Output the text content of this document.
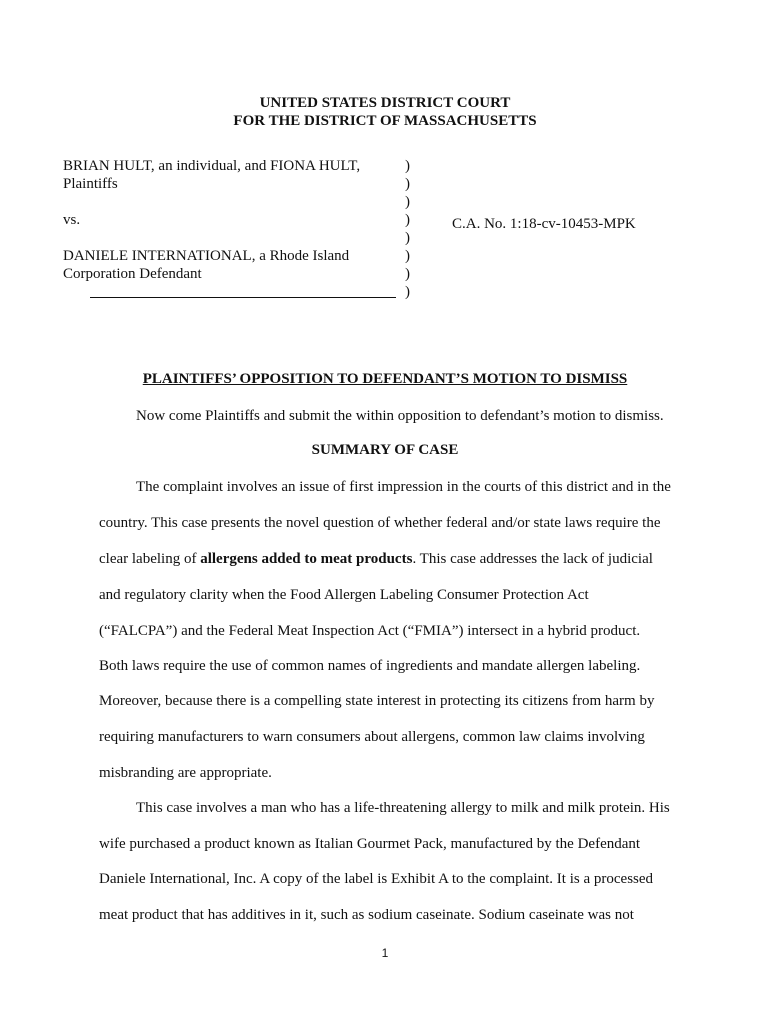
UNITED STATES DISTRICT COURT
FOR THE DISTRICT OF MASSACHUSETTS
BRIAN HULT, an individual, and FIONA HULT,
Plaintiffs
vs.
DANIELE INTERNATIONAL, a Rhode Island
Corporation Defendant
)
)
)
)
)
)
)
)
C.A. No. 1:18-cv-10453-MPK
PLAINTIFFS’ OPPOSITION TO DEFENDANT’S MOTION TO DISMISS
Now come Plaintiffs and submit the within opposition to defendant’s motion to dismiss.
SUMMARY OF CASE
The complaint involves an issue of first impression in the courts of this district and in the
country. This case presents the novel question of whether federal and/or state laws require the
clear labeling of allergens added to meat products. This case addresses the lack of judicial
and regulatory clarity when the Food Allergen Labeling Consumer Protection Act
(“FALCPA”) and the Federal Meat Inspection Act (“FMIA”) intersect in a hybrid product.
Both laws require the use of common names of ingredients and mandate allergen labeling.
Moreover, because there is a compelling state interest in protecting its citizens from harm by
requiring manufacturers to warn consumers about allergens, common law claims involving
misbranding are appropriate.
This case involves a man who has a life-threatening allergy to milk and milk protein. His
wife purchased a product known as Italian Gourmet Pack, manufactured by the Defendant
Daniele International, Inc. A copy of the label is Exhibit A to the complaint. It is a processed
meat product that has additives in it, such as sodium caseinate. Sodium caseinate was not
1
